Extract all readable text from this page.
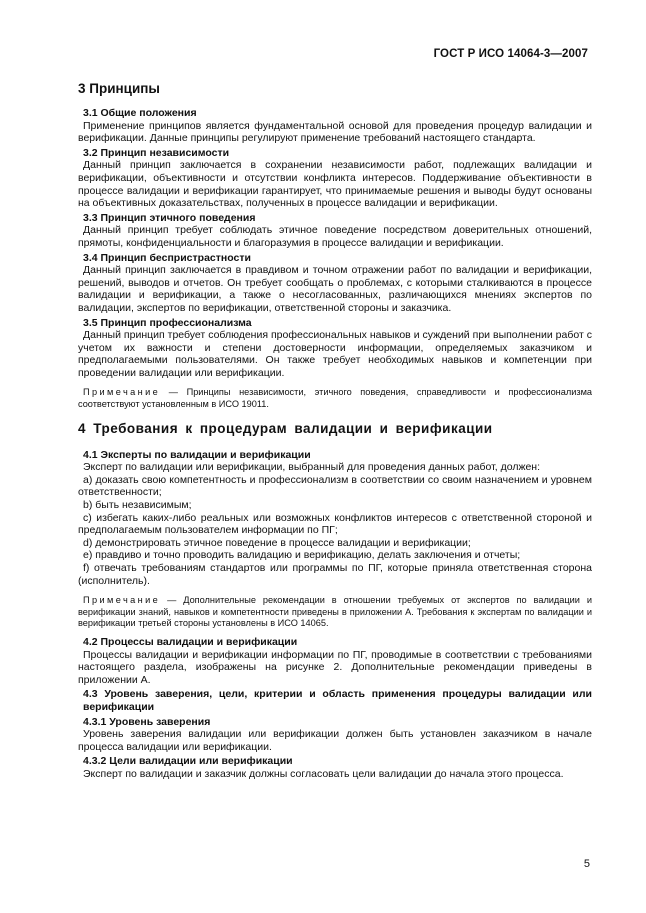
ГОСТ Р ИСО 14064-3—2007
3 Принципы
3.1 Общие положения

Применение принципов является фундаментальной основой для проведения процедур валидации и верификации. Данные принципы регулируют применение требований настоящего стандарта.

3.2 Принцип независимости

Данный принцип заключается в сохранении независимости работ, подлежащих валидации и верификации, объективности и отсутствии конфликта интересов. Поддерживание объективности в процессе валидации и верификации гарантирует, что принимаемые решения и выводы будут основаны на объективных доказательствах, полученных в процессе валидации и верификации.

3.3 Принцип этичного поведения

Данный принцип требует соблюдать этичное поведение посредством доверительных отношений, прямоты, конфиденциальности и благоразумия в процессе валидации и верификации.

3.4 Принцип беспристрастности

Данный принцип заключается в правдивом и точном отражении работ по валидации и верификации, решений, выводов и отчетов. Он требует сообщать о проблемах, с которыми сталкиваются в процессе валидации и верификации, а также о несогласованных, различающихся мнениях экспертов по валидации, экспертов по верификации, ответственной стороны и заказчика.

3.5 Принцип профессионализма

Данный принцип требует соблюдения профессиональных навыков и суждений при выполнении работ с учетом их важности и степени достоверности информации, определяемых заказчиком и предполагаемыми пользователями. Он также требует необходимых навыков и компетенции при проведении валидации или верификации.

Примечание — Принципы независимости, этичного поведения, справедливости и профессионализма соответствуют установленным в ИСО 19011.

4 Требования к процедурам валидации и верификации
4.1 Эксперты по валидации и верификации

Эксперт по валидации или верификации, выбранный для проведения данных работ, должен:

a) доказать свою компетентность и профессионализм в соответствии со своим назначением и уровнем ответственности;

b) быть независимым;

c) избегать каких-либо реальных или возможных конфликтов интересов с ответственной стороной и предполагаемым пользователем информации по ПГ;

d) демонстрировать этичное поведение в процессе валидации и верификации;

e) правдиво и точно проводить валидацию и верификацию, делать заключения и отчеты;

f) отвечать требованиям стандартов или программы по ПГ, которые приняла ответственная сторона (исполнитель).

Примечание — Дополнительные рекомендации в отношении требуемых от экспертов по валидации и верификации знаний, навыков и компетентности приведены в приложении А. Требования к экспертам по валидации и верификации третьей стороны установлены в ИСО 14065.

4.2 Процессы валидации и верификации

Процессы валидации и верификации информации по ПГ, проводимые в соответствии с требованиями настоящего раздела, изображены на рисунке 2. Дополнительные рекомендации приведены в приложении А.

4.3 Уровень заверения, цели, критерии и область применения процедуры валидации или верификации
4.3.1 Уровень заверения

Уровень заверения валидации или верификации должен быть установлен заказчиком в начале процесса валидации или верификации.

4.3.2 Цели валидации или верификации

Эксперт по валидации и заказчик должны согласовать цели валидации до начала этого процесса.

5
